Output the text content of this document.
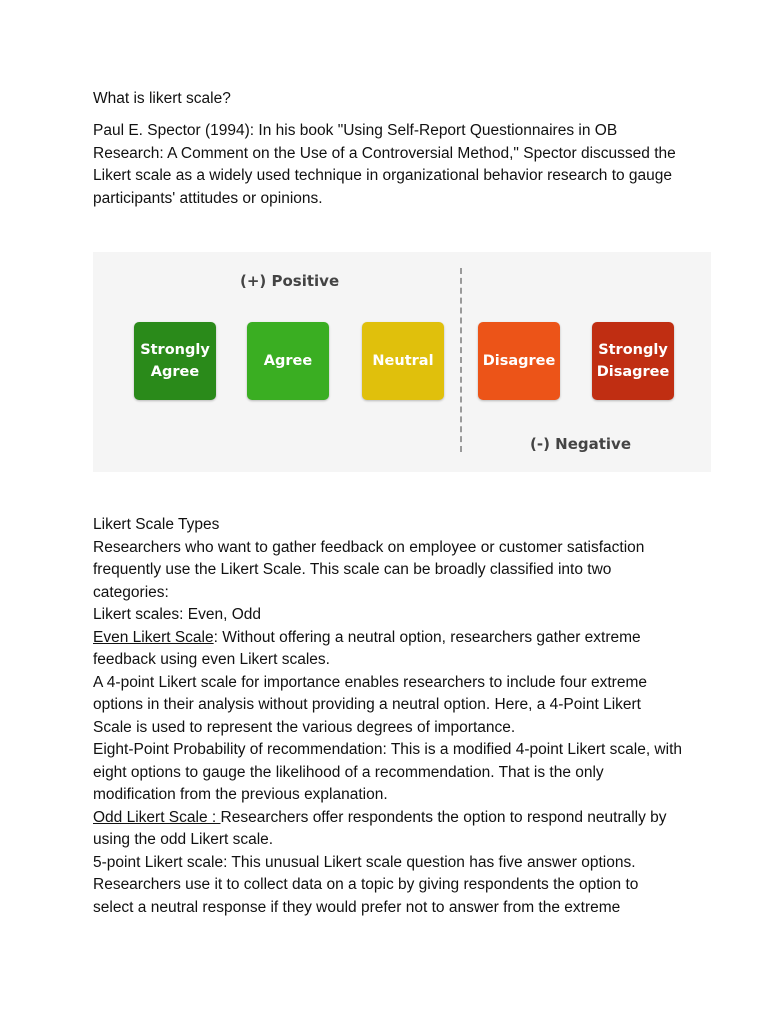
What is likert scale?

Paul E. Spector (1994): In his book "Using Self-Report Questionnaires in OB Research: A Comment on the Use of a Controversial Method," Spector discussed the Likert scale as a widely used technique in organizational behavior research to gauge participants' attitudes or opinions.

(+) Positive
(-) Negative
Strongly Agree
Agree	Neutral	Disagree
Strongly Disagree
Likert Scale Types
Researchers who want to gather feedback on employee or customer satisfaction frequently use the Likert Scale. This scale can be broadly classified into two categories:
Likert scales: Even, Odd
Even Likert Scale: Without offering a neutral option, researchers gather extreme feedback using even Likert scales.
A 4-point Likert scale for importance enables researchers to include four extreme options in their analysis without providing a neutral option. Here, a 4-Point Likert Scale is used to represent the various degrees of importance.
Eight-Point Probability of recommendation: This is a modified 4-point Likert scale, with eight options to gauge the likelihood of a recommendation. That is the only modification from the previous explanation.
Odd Likert Scale : Researchers offer respondents the option to respond neutrally by using the odd Likert scale.
5-point Likert scale: This unusual Likert scale question has five answer options. Researchers use it to collect data on a topic by giving respondents the option to select a neutral response if they would prefer not to answer from the extreme
